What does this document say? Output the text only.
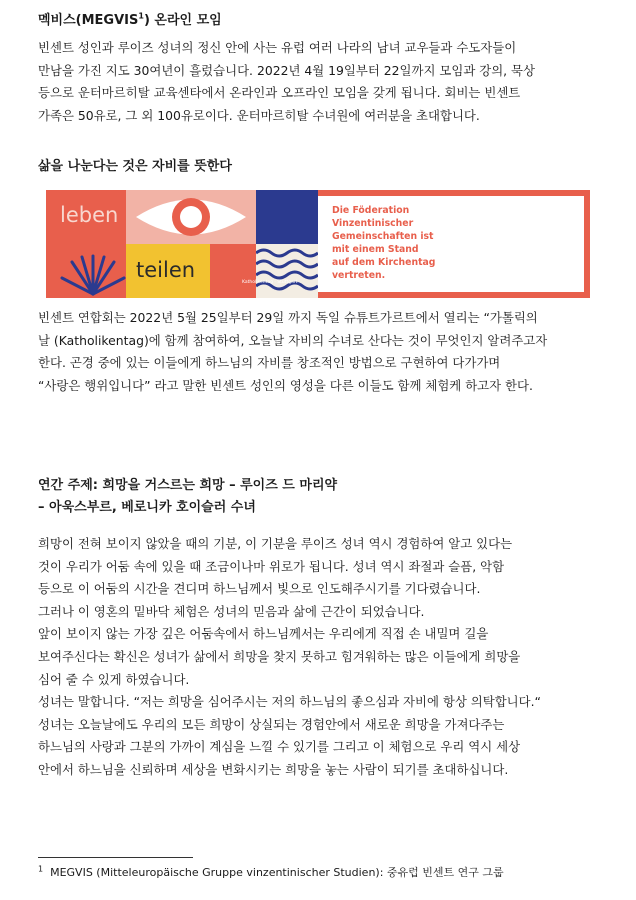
멕비스(MEGVIS$^1$) 온라인 모임
빈센트 성인과 루이즈 성녀의 정신 안에 사는 유럽 여러 나라의 남녀 교우들과 수도자들이
만남을 가진 지도 30여년이 흘렀습니다. 2022년 4월 19일부터 22일까지 모임과 강의, 묵상
등으로 운터마르히탈 교육센타에서 온라인과 오프라인 모임을 갖게 됩니다. 회비는 빈센트
가족은 50유로, 그 외 100유로이다. 운터마르히탈 수녀원에 여러분을 초대합니다.
삶을 나눈다는 것은 자비를 뜻한다
leben
teilen
Katholikentag · Stuttgart
Die Föderation
Vinzentinischer
Gemeinschaften ist
mit einem Stand
auf dem Kirchentag
vertreten.
빈센트 연합회는 2022년 5월 25일부터 29일 까지 독일 슈튜트가르트에서 열리는 “가톨릭의
날 (Katholikentag)에 함께 참여하여, 오늘날 자비의 수녀로 산다는 것이 무엇인지 알려주고자
한다. 곤경 중에 있는 이들에게 하느님의 자비를 창조적인 방법으로 구현하여 다가가며
“사랑은 행위입니다” 라고 말한 빈센트 성인의 영성을 다른 이들도 함께 체험케 하고자 한다.
연간 주제: 희망을 거스르는 희망 – 루이즈 드 마리약
– 아욱스부르, 베로니카 호이슬러 수녀
희망이 전혀 보이지 않았을 때의 기분, 이 기분을 루이즈 성녀 역시 경험하여 알고 있다는
것이 우리가 어둠 속에 있을 때 조금이나마 위로가 됩니다. 성녀 역시 좌절과 슬픔, 악함
등으로 이 어둠의 시간을 견디며 하느님께서 빛으로 인도해주시기를 기다렸습니다.
그러나 이 영혼의 밑바닥 체험은 성녀의 믿음과 삶에 근간이 되었습니다.
앞이 보이지 않는 가장 깊은 어둠속에서 하느님께서는 우리에게 직접 손 내밀며 길을
보여주신다는 확신은 성녀가 삶에서 희망을 찾지 못하고 힘겨워하는 많은 이들에게 희망을
심어 줄 수 있게 하였습니다.
성녀는 말합니다. “저는 희망을 심어주시는 저의 하느님의 좋으심과 자비에 항상 의탁합니다.“
성녀는 오늘날에도 우리의 모든 희망이 상실되는 경험안에서 새로운 희망을 가져다주는
하느님의 사랑과 그분의 가까이 계심을 느낄 수 있기를 그리고 이 체험으로 우리 역시 세상
안에서 하느님을 신뢰하며 세상을 변화시키는 희망을 놓는 사람이 되기를 초대하십니다.
$^1$ MEGVIS (Mitteleuropäische Gruppe vinzentinischer Studien): 중유럽 빈센트 연구 그룹
